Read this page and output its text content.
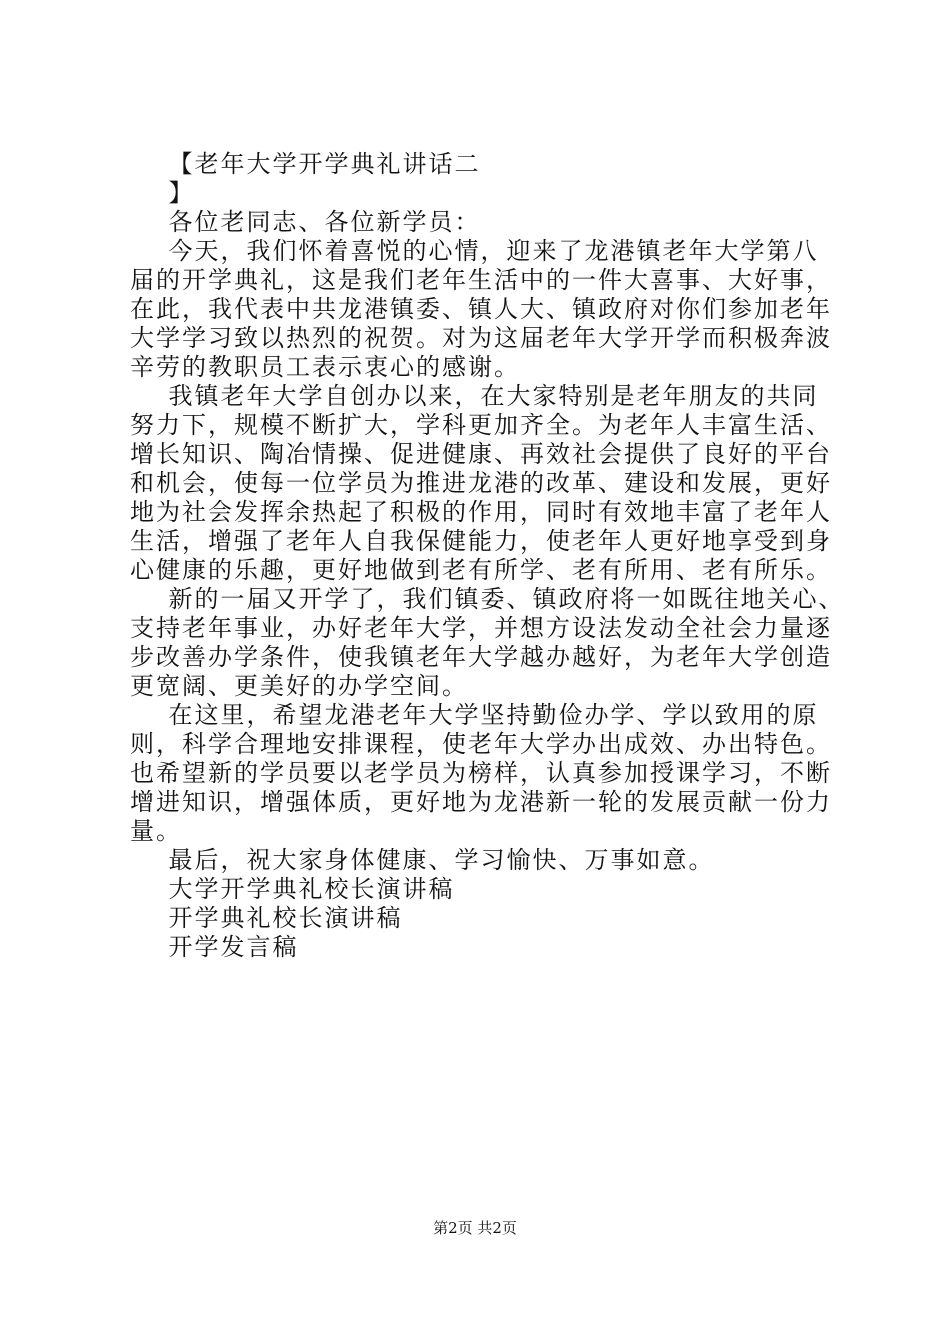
【老年大学开学典礼讲话二
】
各位老同志、各位新学员：
今天，我们怀着喜悦的心情，迎来了龙港镇老年大学第八
届的开学典礼，这是我们老年生活中的一件大喜事、大好事，
在此，我代表中共龙港镇委、镇人大、镇政府对你们参加老年
大学学习致以热烈的祝贺。对为这届老年大学开学而积极奔波
辛劳的教职员工表示衷心的感谢。
我镇老年大学自创办以来，在大家特别是老年朋友的共同
努力下，规模不断扩大，学科更加齐全。为老年人丰富生活、
增长知识、陶冶情操、促进健康、再效社会提供了良好的平台
和机会，使每一位学员为推进龙港的改革、建设和发展，更好
地为社会发挥余热起了积极的作用，同时有效地丰富了老年人
生活，增强了老年人自我保健能力，使老年人更好地享受到身
心健康的乐趣，更好地做到老有所学、老有所用、老有所乐。
新的一届又开学了，我们镇委、镇政府将一如既往地关心、
支持老年事业，办好老年大学，并想方设法发动全社会力量逐
步改善办学条件，使我镇老年大学越办越好，为老年大学创造
更宽阔、更美好的办学空间。
在这里，希望龙港老年大学坚持勤俭办学、学以致用的原
则，科学合理地安排课程，使老年大学办出成效、办出特色。
也希望新的学员要以老学员为榜样，认真参加授课学习，不断
增进知识，增强体质，更好地为龙港新一轮的发展贡献一份力
量。
最后，祝大家身体健康、学习愉快、万事如意。
大学开学典礼校长演讲稿
开学典礼校长演讲稿
开学发言稿
第2页 共2页
